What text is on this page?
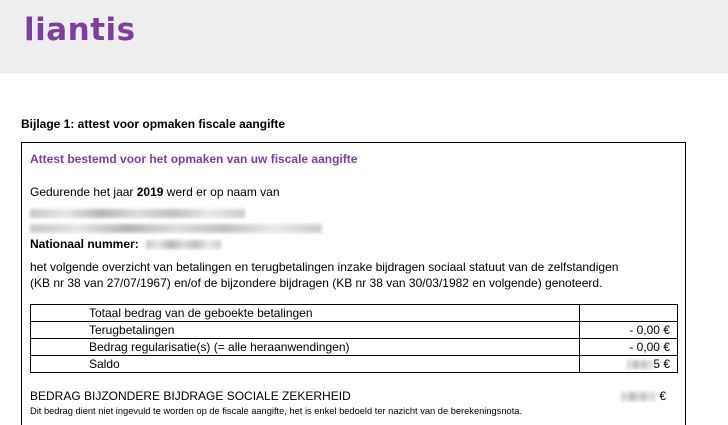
liantis
Bijlage 1: attest voor opmaken fiscale aangifte
Attest bestemd voor het opmaken van uw fiscale aangifte
Gedurende het jaar 2019 werd er op naam van
Nationaal nummer:
het volgende overzicht van betalingen en terugbetalingen inzake bijdragen sociaal statuut van de zelfstandigen
(KB nr 38 van 27/07/1967) en/of de bijzondere bijdragen (KB nr 38 van 30/03/1982 en volgende) genoteerd.
Totaal bedrag van de geboekte betalingen	
Terugbetalingen	- 0,00 €
Bedrag regularisatie(s) (= alle heraanwendingen)	- 0,00 €
Saldo	5 €
BEDRAG BIJZONDERE BIJDRAGE SOCIALE ZEKERHEID	€
Dit bedrag dient niet ingevuld te worden op de fiscale aangifte, het is enkel bedoeld ter nazicht van de berekeningsnota.
